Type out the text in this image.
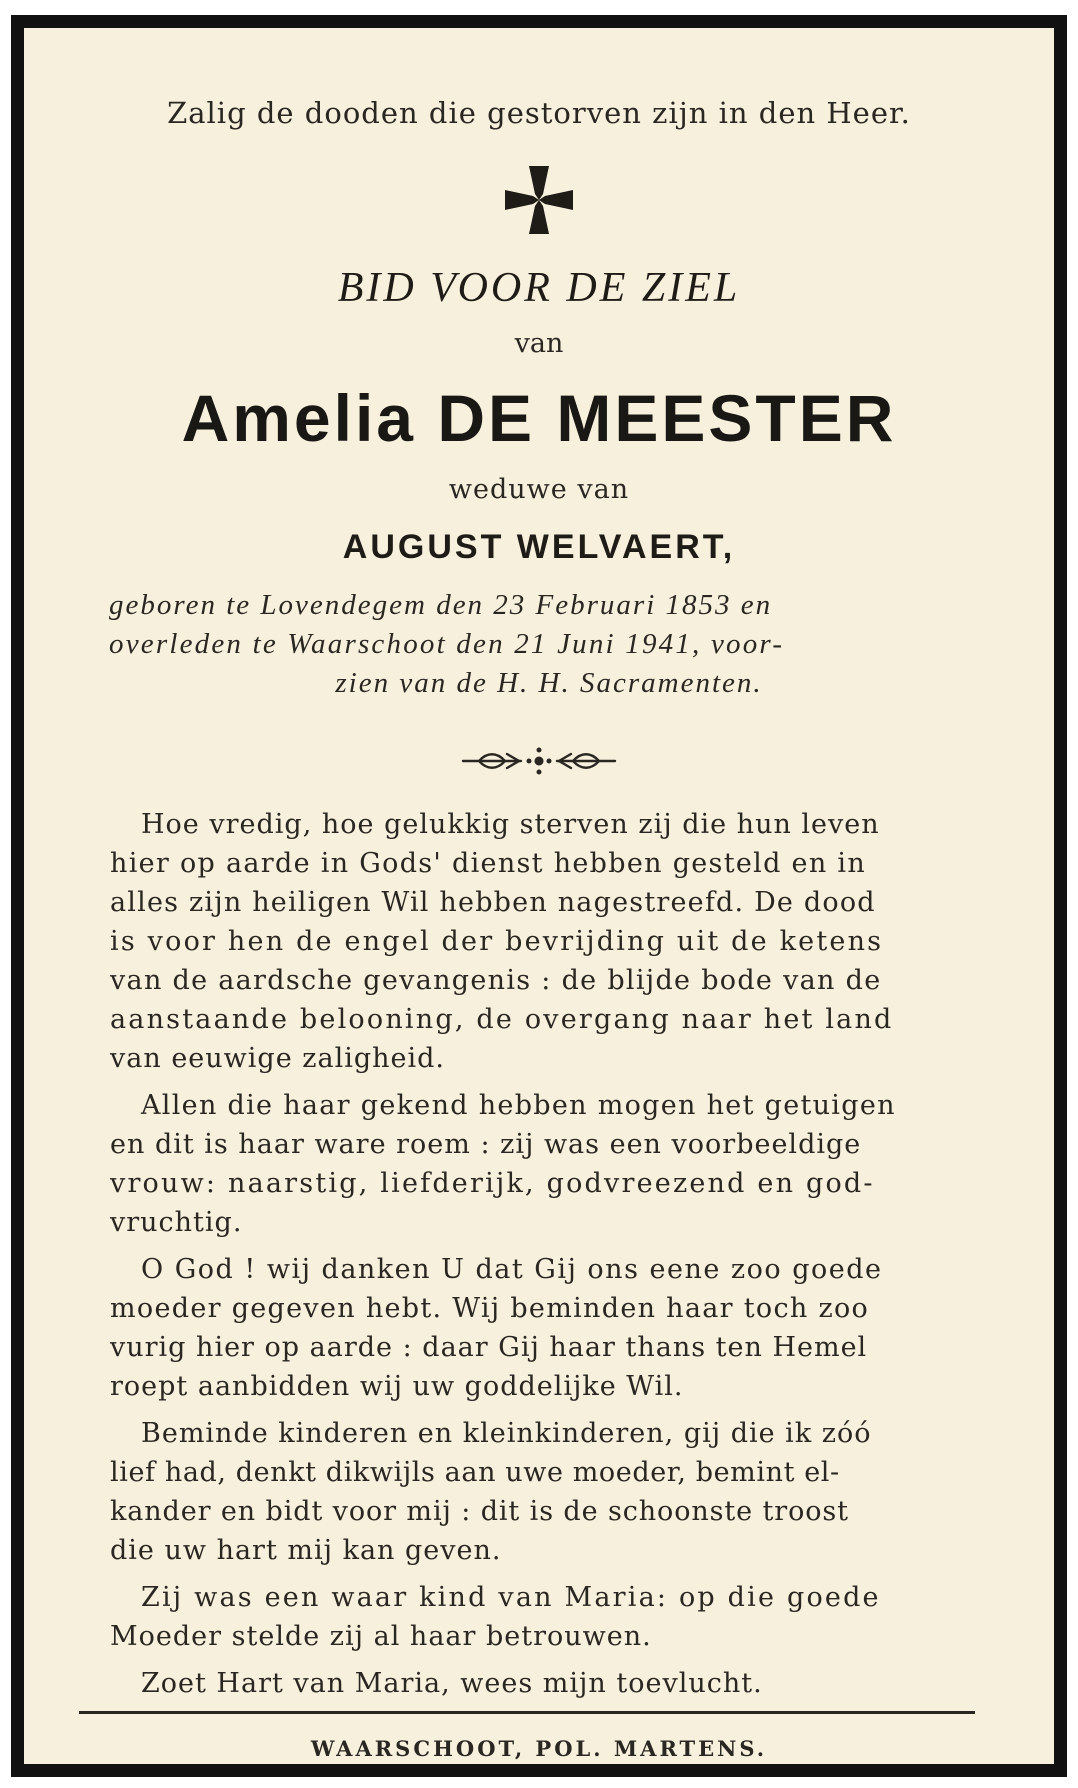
Zalig de dooden die gestorven zijn in den Heer.
BID VOOR DE ZIEL
van
Amelia DE MEESTER
weduwe van
AUGUST WELVAERT,
geboren te Lovendegem den 23 Februari 1853 en
overleden te Waarschoot den 21 Juni 1941, voor-
zien van de H. H. Sacramenten.
Hoe vredig, hoe gelukkig sterven zij die hun leven
hier op aarde in Gods' dienst hebben gesteld en in
alles zijn heiligen Wil hebben nagestreefd. De dood
is voor hen de engel der bevrijding uit de ketens
van de aardsche gevangenis : de blijde bode van de
aanstaande belooning, de overgang naar het land
van eeuwige zaligheid.
Allen die haar gekend hebben mogen het getuigen
en dit is haar ware roem : zij was een voorbeeldige
vrouw: naarstig, liefderijk, godvreezend en god-
vruchtig.
O God ! wij danken U dat Gij ons eene zoo goede
moeder gegeven hebt. Wij beminden haar toch zoo
vurig hier op aarde : daar Gij haar thans ten Hemel
roept aanbidden wij uw goddelijke Wil.
Beminde kinderen en kleinkinderen, gij die ik zóó
lief had, denkt dikwijls aan uwe moeder, bemint el-
kander en bidt voor mij : dit is de schoonste troost
die uw hart mij kan geven.
Zij was een waar kind van Maria: op die goede
Moeder stelde zij al haar betrouwen.
Zoet Hart van Maria, wees mijn toevlucht.
WAARSCHOOT, POL. MARTENS.
